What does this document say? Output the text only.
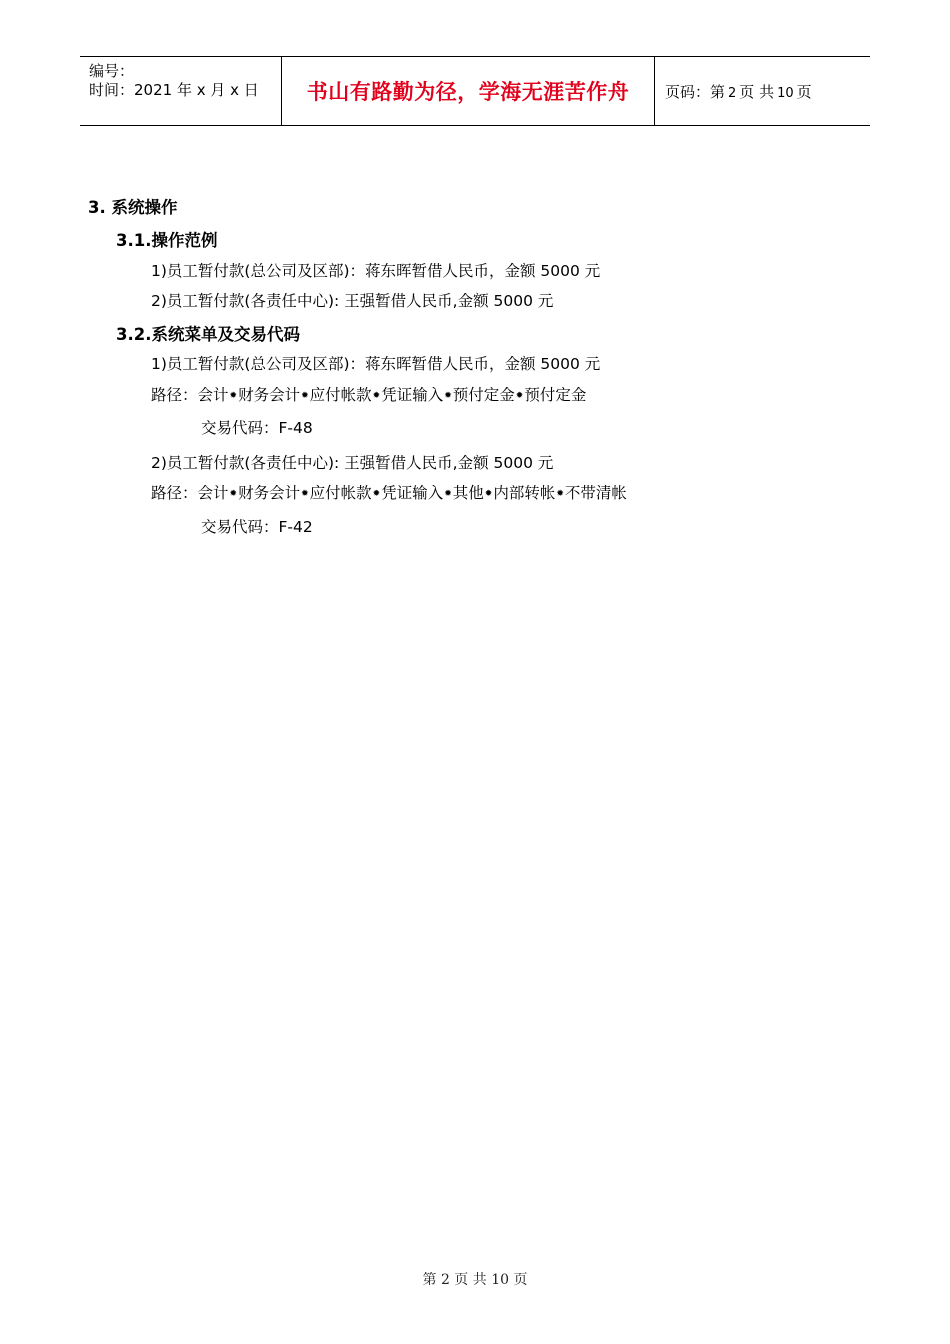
编号：
时间：2021 年 x 月 x 日 书山有路勤为径，学海无涯苦作舟 页码：第 2 页 共 10 页
3. 系统操作
3.1.操作范例
1)员工暂付款(总公司及区部)：蒋东晖暂借人民币，金额 5000 元
2)员工暂付款(各责任中心): 王强暂借人民币,金额 5000 元
3.2.系统菜单及交易代码
1)员工暂付款(总公司及区部)：蒋东晖暂借人民币，金额 5000 元
路径：会计✹财务会计✹应付帐款✹凭证输入✹预付定金✹预付定金
交易代码：F-48
2)员工暂付款(各责任中心): 王强暂借人民币,金额 5000 元
路径：会计✹财务会计✹应付帐款✹凭证输入✹其他✹内部转帐✹不带清帐
交易代码：F-42
第 2 页 共 10 页
